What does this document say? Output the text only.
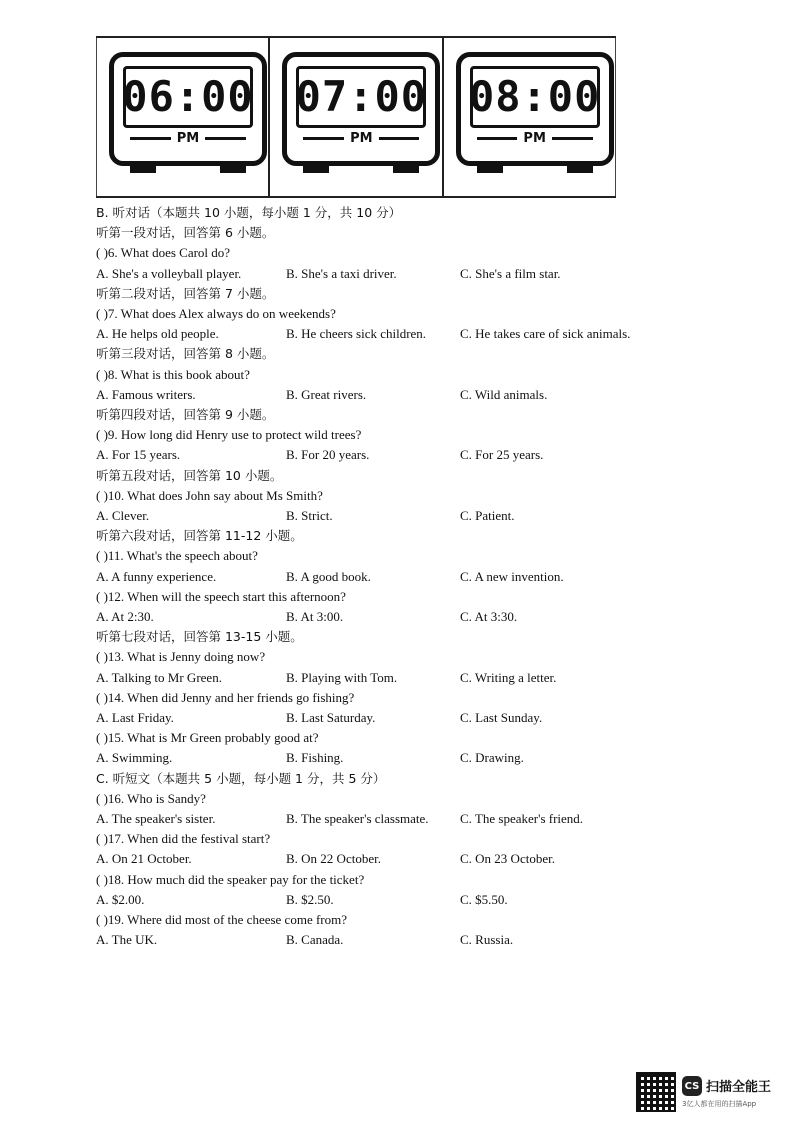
06:00
PM
07:00
PM
08:00
PM
B. 听对话（本题共 10 小题，每小题 1 分，共 10 分）
听第一段对话，回答第 6 小题。
( )6. What does Carol do?
A. She's a volleyball player.	B. She's a taxi driver.	C. She's a film star.
听第二段对话，回答第 7 小题。
( )7. What does Alex always do on weekends?
A. He helps old people.	B. He cheers sick children.	C. He takes care of sick animals.
听第三段对话，回答第 8 小题。
( )8. What is this book about?
A. Famous writers.	B. Great rivers.	C. Wild animals.
听第四段对话，回答第 9 小题。
( )9. How long did Henry use to protect wild trees?
A. For 15 years.	B. For 20 years.	C. For 25 years.
听第五段对话，回答第 10 小题。
( )10. What does John say about Ms Smith?
A. Clever.	B. Strict.	C. Patient.
听第六段对话，回答第 11-12 小题。
( )11. What's the speech about?
A. A funny experience.	B. A good book.	C. A new invention.
( )12. When will the speech start this afternoon?
A. At 2:30.	B. At 3:00.	C. At 3:30.
听第七段对话，回答第 13-15 小题。
( )13. What is Jenny doing now?
A. Talking to Mr Green.	B. Playing with Tom.	C. Writing a letter.
( )14. When did Jenny and her friends go fishing?
A. Last Friday.	B. Last Saturday.	C. Last Sunday.
( )15. What is Mr Green probably good at?
A. Swimming.	B. Fishing.	C. Drawing.
C. 听短文（本题共 5 小题，每小题 1 分，共 5 分）
( )16. Who is Sandy?
A. The speaker's sister.	B. The speaker's classmate. C. The speaker's friend.
( )17. When did the festival start?
A. On 21 October.	B. On 22 October.	C. On 23 October.
( )18. How much did the speaker pay for the ticket?
A. $2.00.	B. $2.50.	C. $5.50.
( )19. Where did most of the cheese come from?
A. The UK.	B. Canada.	C. Russia.
CS 扫描全能王
3亿人都在用的扫描App
